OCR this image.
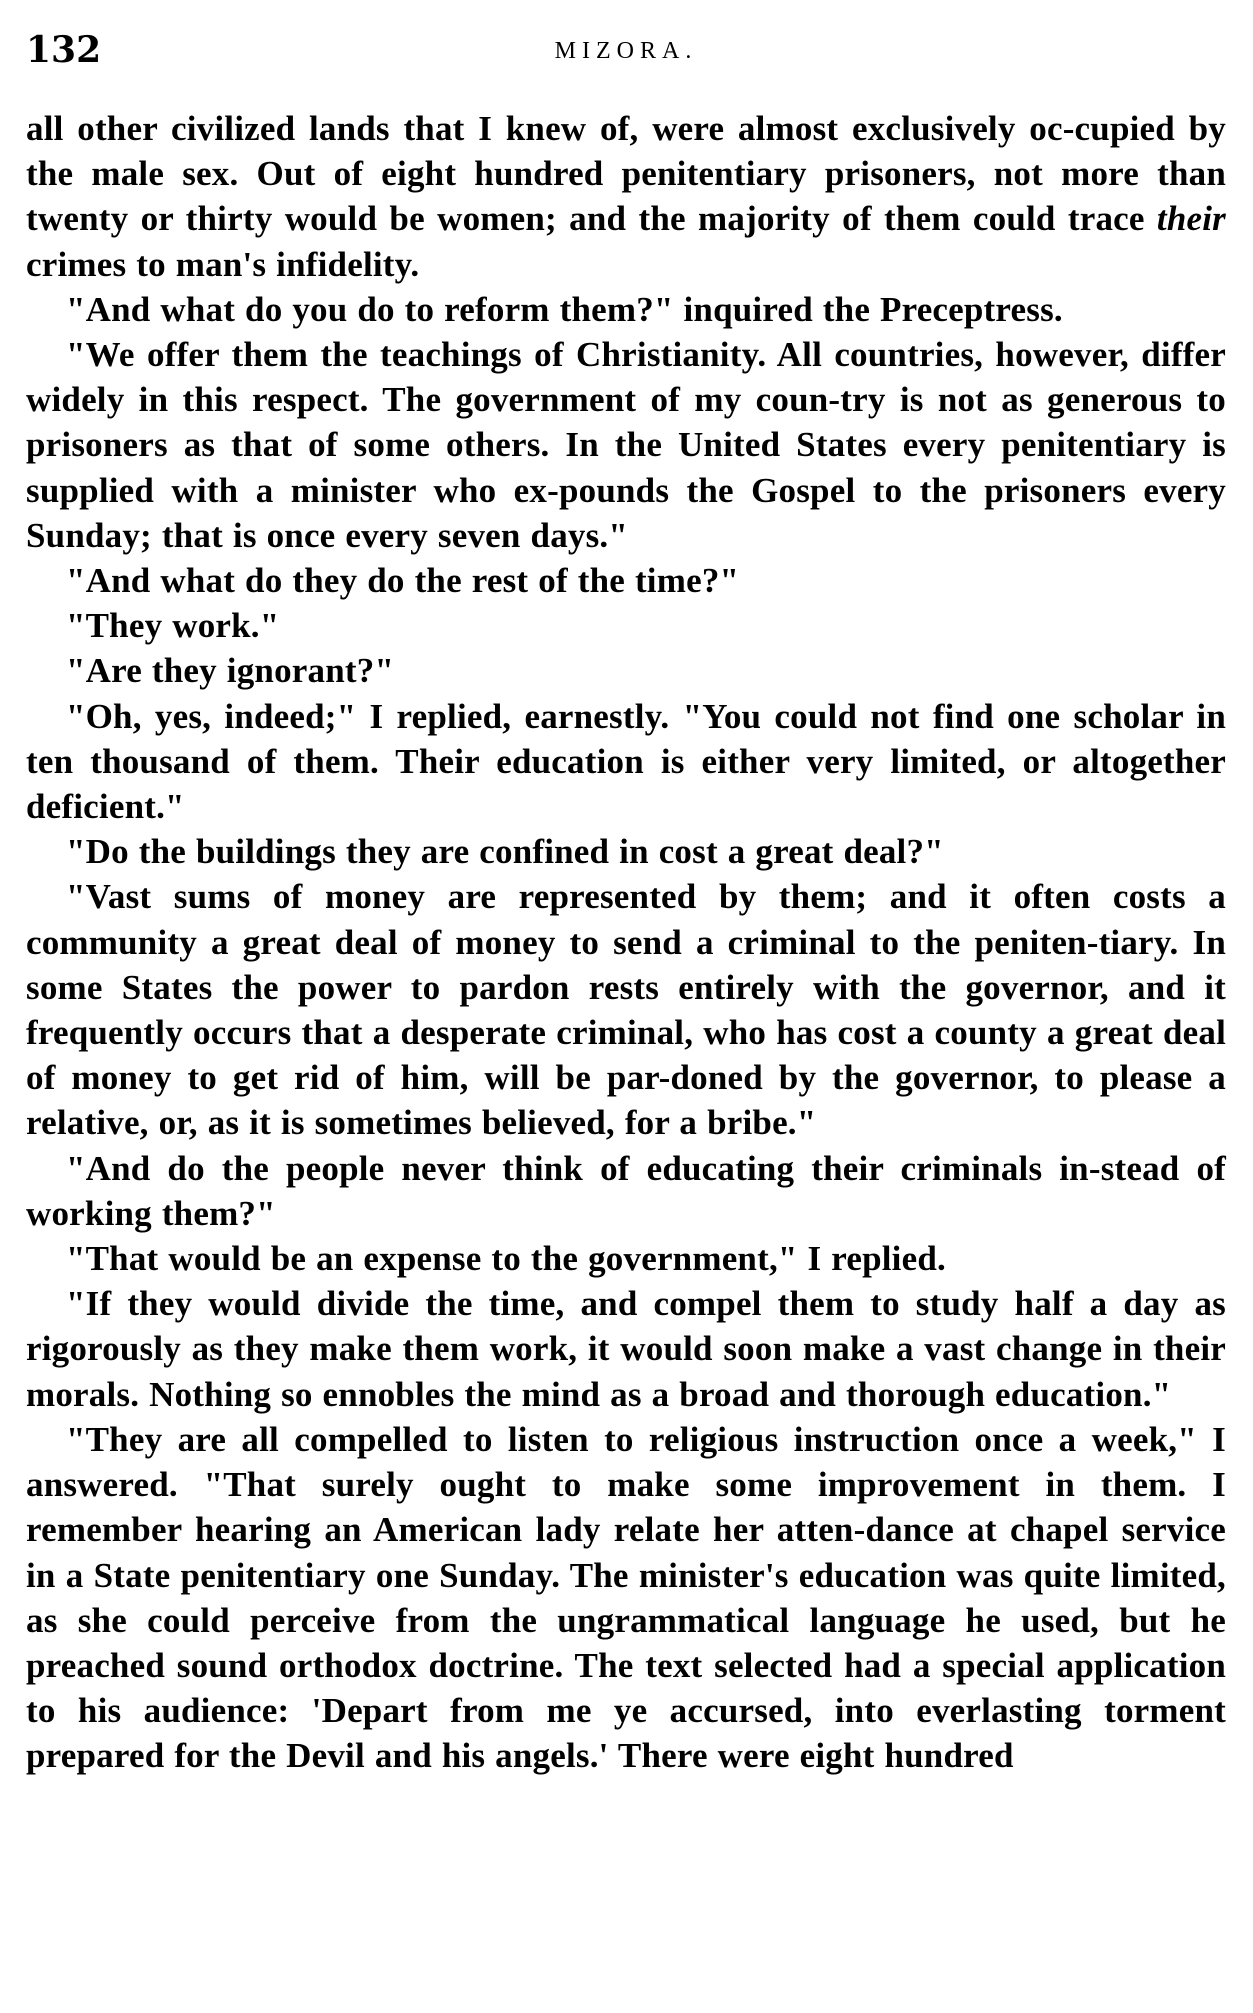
132	MIZORA.

all other civilized lands that I knew of, were almost exclusively oc-cupied by the male sex. Out of eight hundred penitentiary prisoners, not more than twenty or thirty would be women; and the majority of them could trace their crimes to man's infidelity.

"And what do you do to reform them?" inquired the Preceptress.

"We offer them the teachings of Christianity. All countries, however, differ widely in this respect. The government of my coun-try is not as generous to prisoners as that of some others. In the United States every penitentiary is supplied with a minister who ex-pounds the Gospel to the prisoners every Sunday; that is once every seven days."

"And what do they do the rest of the time?"

"They work."

"Are they ignorant?"

"Oh, yes, indeed;" I replied, earnestly. "You could not find one scholar in ten thousand of them. Their education is either very limited, or altogether deficient."

"Do the buildings they are confined in cost a great deal?"

"Vast sums of money are represented by them; and it often costs a community a great deal of money to send a criminal to the peniten-tiary. In some States the power to pardon rests entirely with the governor, and it frequently occurs that a desperate criminal, who has cost a county a great deal of money to get rid of him, will be par-doned by the governor, to please a relative, or, as it is sometimes believed, for a bribe."

"And do the people never think of educating their criminals in-stead of working them?"

"That would be an expense to the government," I replied.

"If they would divide the time, and compel them to study half a day as rigorously as they make them work, it would soon make a vast change in their morals. Nothing so ennobles the mind as a broad and thorough education."

"They are all compelled to listen to religious instruction once a week," I answered. "That surely ought to make some improvement in them. I remember hearing an American lady relate her atten-dance at chapel service in a State penitentiary one Sunday. The minister's education was quite limited, as she could perceive from the ungrammatical language he used, but he preached sound orthodox doctrine. The text selected had a special application to his audience: 'Depart from me ye accursed, into everlasting torment prepared for the Devil and his angels.' There were eight hundred
